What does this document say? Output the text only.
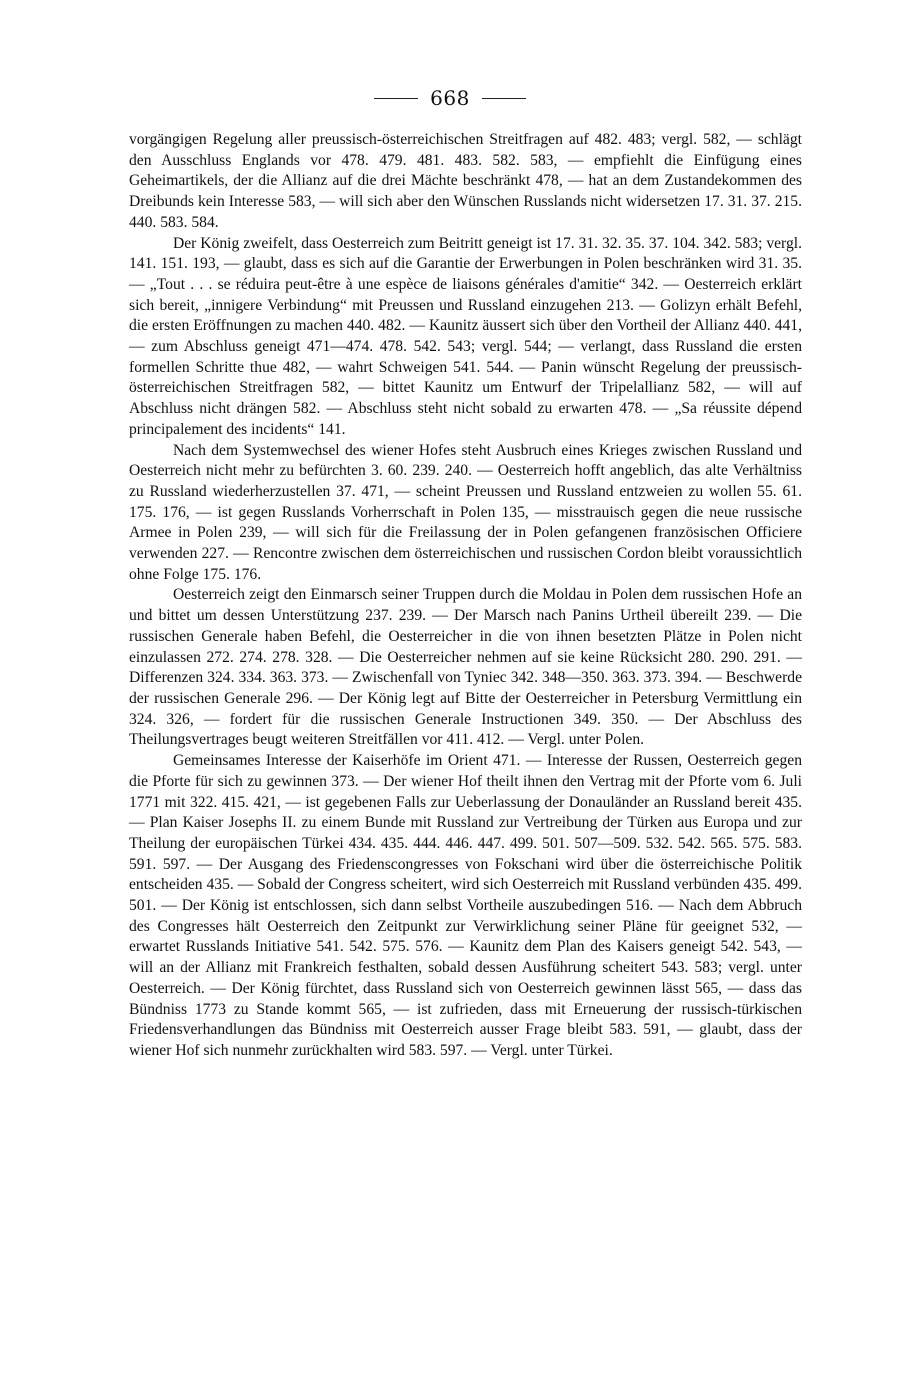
668

vorgängigen Regelung aller preussisch-österreichischen Streitfragen auf 482. 483; vergl. 582, — schlägt den Ausschluss Englands vor 478. 479. 481. 483. 582. 583, — empfiehlt die Einfügung eines Geheimartikels, der die Allianz auf die drei Mächte beschränkt 478, — hat an dem Zustandekommen des Dreibunds kein Interesse 583, — will sich aber den Wünschen Russlands nicht widersetzen 17. 31. 37. 215. 440. 583. 584.

Der König zweifelt, dass Oesterreich zum Beitritt geneigt ist 17. 31. 32. 35. 37. 104. 342. 583; vergl. 141. 151. 193, — glaubt, dass es sich auf die Garantie der Erwerbungen in Polen beschränken wird 31. 35. — „Tout . . . se réduira peut-être à une espèce de liaisons générales d'amitie“ 342. — Oesterreich erklärt sich bereit, „innigere Verbindung“ mit Preussen und Russland einzugehen 213. — Golizyn erhält Befehl, die ersten Eröffnungen zu machen 440. 482. — Kaunitz äussert sich über den Vortheil der Allianz 440. 441, — zum Abschluss geneigt 471—474. 478. 542. 543; vergl. 544; — verlangt, dass Russland die ersten formellen Schritte thue 482, — wahrt Schweigen 541. 544. — Panin wünscht Regelung der preussisch-österreichischen Streitfragen 582, — bittet Kaunitz um Entwurf der Tripelallianz 582, — will auf Abschluss nicht drängen 582. — Abschluss steht nicht sobald zu erwarten 478. — „Sa réussite dépend principalement des incidents“ 141.

Nach dem Systemwechsel des wiener Hofes steht Ausbruch eines Krieges zwischen Russland und Oesterreich nicht mehr zu befürchten 3. 60. 239. 240. — Oesterreich hofft angeblich, das alte Verhältniss zu Russland wiederherzustellen 37. 471, — scheint Preussen und Russland entzweien zu wollen 55. 61. 175. 176, — ist gegen Russlands Vorherrschaft in Polen 135, — misstrauisch gegen die neue russische Armee in Polen 239, — will sich für die Freilassung der in Polen gefangenen französischen Officiere verwenden 227. — Rencontre zwischen dem österreichischen und russischen Cordon bleibt voraussichtlich ohne Folge 175. 176.

Oesterreich zeigt den Einmarsch seiner Truppen durch die Moldau in Polen dem russischen Hofe an und bittet um dessen Unterstützung 237. 239. — Der Marsch nach Panins Urtheil übereilt 239. — Die russischen Generale haben Befehl, die Oesterreicher in die von ihnen besetzten Plätze in Polen nicht einzulassen 272. 274. 278. 328. — Die Oesterreicher nehmen auf sie keine Rücksicht 280. 290. 291. — Differenzen 324. 334. 363. 373. — Zwischenfall von Tyniec 342. 348—350. 363. 373. 394. — Beschwerde der russischen Generale 296. — Der König legt auf Bitte der Oesterreicher in Petersburg Vermittlung ein 324. 326, — fordert für die russischen Generale Instructionen 349. 350. — Der Abschluss des Theilungsvertrages beugt weiteren Streitfällen vor 411. 412. — Vergl. unter Polen.

Gemeinsames Interesse der Kaiserhöfe im Orient 471. — Interesse der Russen, Oesterreich gegen die Pforte für sich zu gewinnen 373. — Der wiener Hof theilt ihnen den Vertrag mit der Pforte vom 6. Juli 1771 mit 322. 415. 421, — ist gegebenen Falls zur Ueberlassung der Donauländer an Russland bereit 435. — Plan Kaiser Josephs II. zu einem Bunde mit Russland zur Vertreibung der Türken aus Europa und zur Theilung der europäischen Türkei 434. 435. 444. 446. 447. 499. 501. 507—509. 532. 542. 565. 575. 583. 591. 597. — Der Ausgang des Friedenscongresses von Fokschani wird über die österreichische Politik entscheiden 435. — Sobald der Congress scheitert, wird sich Oesterreich mit Russland verbünden 435. 499. 501. — Der König ist entschlossen, sich dann selbst Vortheile auszubedingen 516. — Nach dem Abbruch des Congresses hält Oesterreich den Zeitpunkt zur Verwirklichung seiner Pläne für geeignet 532, — erwartet Russlands Initiative 541. 542. 575. 576. — Kaunitz dem Plan des Kaisers geneigt 542. 543, — will an der Allianz mit Frankreich festhalten, sobald dessen Ausführung scheitert 543. 583; vergl. unter Oesterreich. — Der König fürchtet, dass Russland sich von Oesterreich gewinnen lässt 565, — dass das Bündniss 1773 zu Stande kommt 565, — ist zufrieden, dass mit Erneuerung der russisch-türkischen Friedensverhandlungen das Bündniss mit Oesterreich ausser Frage bleibt 583. 591, — glaubt, dass der wiener Hof sich nunmehr zurückhalten wird 583. 597. — Vergl. unter Türkei.
